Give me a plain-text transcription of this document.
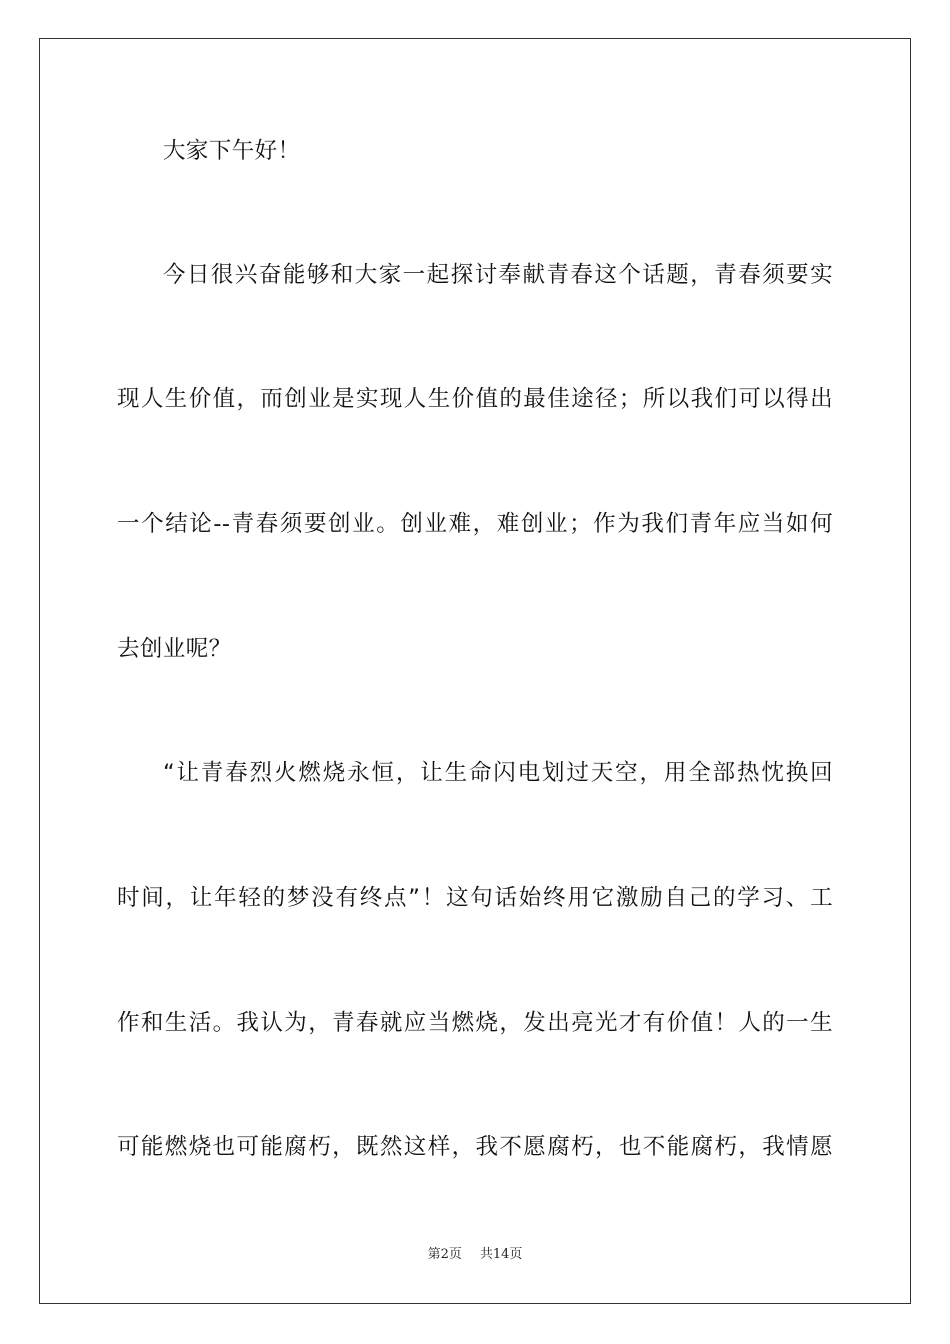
大家下午好！
今日很兴奋能够和大家一起探讨奉献青春这个话题，青春须要实
现人生价值，而创业是实现人生价值的最佳途径；所以我们可以得出
一个结论--青春须要创业。创业难，难创业；作为我们青年应当如何
去创业呢？
“让青春烈火燃烧永恒，让生命闪电划过天空，用全部热忱换回
时间，让年轻的梦没有终点”！这句话始终用它激励自己的学习、工
作和生活。我认为，青春就应当燃烧，发出亮光才有价值！人的一生
可能燃烧也可能腐朽，既然这样，我不愿腐朽，也不能腐朽，我情愿
第2页 共14页
